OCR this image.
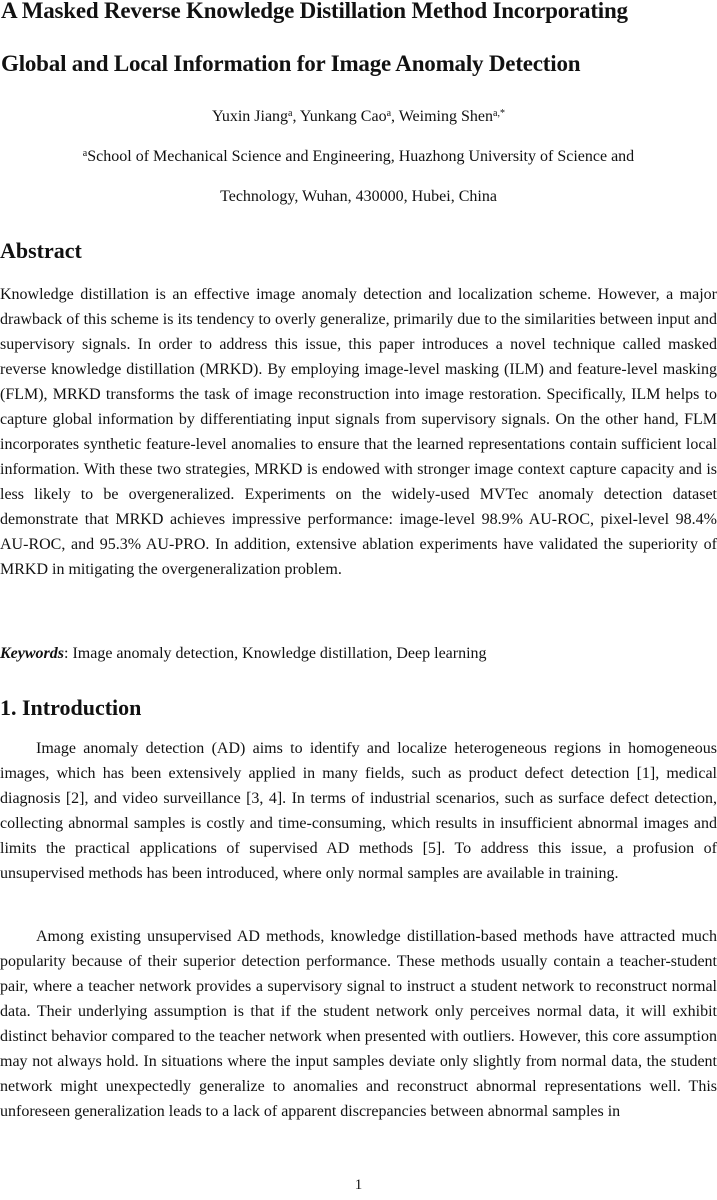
A Masked Reverse Knowledge Distillation Method Incorporating
Global and Local Information for Image Anomaly Detection
Yuxin Jiang$^a$, Yunkang Cao$^a$, Weiming Shen$^{a,*}$
$^a$School of Mechanical Science and Engineering, Huazhong University of Science and
Technology, Wuhan, 430000, Hubei, China
Abstract
Knowledge distillation is an effective image anomaly detection and localization scheme. However, a major drawback of this scheme is its tendency to overly generalize, primarily due to the similarities between input and supervisory signals. In order to address this issue, this paper introduces a novel technique called masked reverse knowledge distillation (MRKD). By employing image-level masking (ILM) and feature-level masking (FLM), MRKD transforms the task of image reconstruction into image restoration. Specifically, ILM helps to capture global information by differentiating input signals from supervisory signals. On the other hand, FLM incorporates synthetic feature-level anomalies to ensure that the learned representations contain sufficient local information. With these two strategies, MRKD is endowed with stronger image context capture capacity and is less likely to be overgeneralized. Experiments on the widely-used MVTec anomaly detection dataset demonstrate that MRKD achieves impressive performance: image-level 98.9% AU-ROC, pixel-level 98.4% AU-ROC, and 95.3% AU-PRO. In addition, extensive ablation experiments have validated the superiority of MRKD in mitigating the overgeneralization problem.
Keywords: Image anomaly detection, Knowledge distillation, Deep learning
1. Introduction
Image anomaly detection (AD) aims to identify and localize heterogeneous regions in homogeneous images, which has been extensively applied in many fields, such as product defect detection [1], medical diagnosis [2], and video surveillance [3, 4]. In terms of industrial scenarios, such as surface defect detection, collecting abnormal samples is costly and time-consuming, which results in insufficient abnormal images and limits the practical applications of supervised AD methods [5]. To address this issue, a profusion of unsupervised methods has been introduced, where only normal samples are available in training.
Among existing unsupervised AD methods, knowledge distillation-based methods have attracted much popularity because of their superior detection performance. These methods usually contain a teacher-student pair, where a teacher network provides a supervisory signal to instruct a student network to reconstruct normal data. Their underlying assumption is that if the student network only perceives normal data, it will exhibit distinct behavior compared to the teacher network when presented with outliers. However, this core assumption may not always hold. In situations where the input samples deviate only slightly from normal data, the student network might unexpectedly generalize to anomalies and reconstruct abnormal representations well. This unforeseen generalization leads to a lack of apparent discrepancies between abnormal samples in
1
